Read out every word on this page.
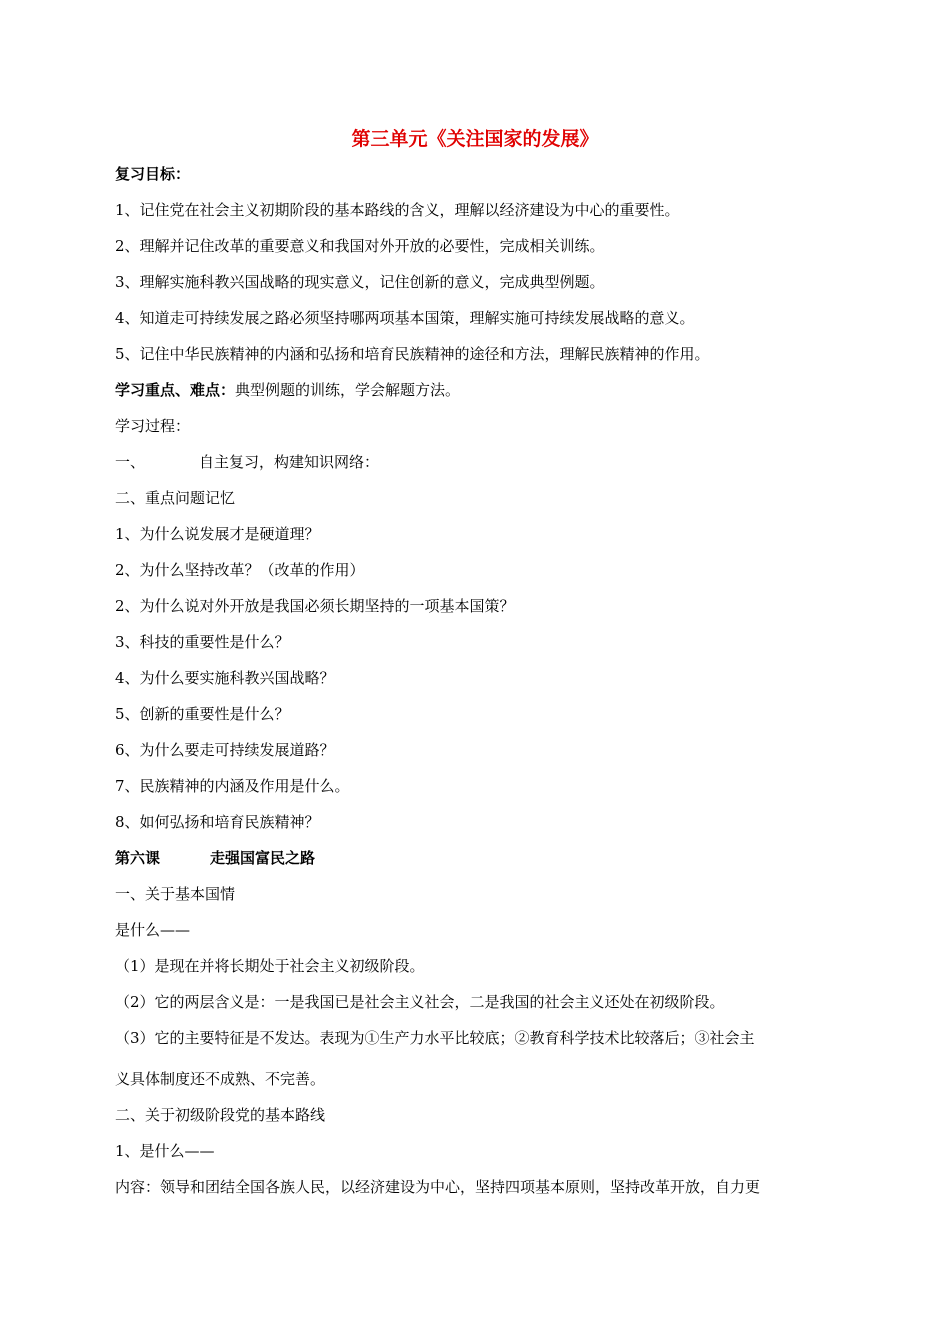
第三单元《关注国家的发展》
复习目标：
1、记住党在社会主义初期阶段的基本路线的含义，理解以经济建设为中心的重要性。
2、理解并记住改革的重要意义和我国对外开放的必要性，完成相关训练。
3、理解实施科教兴国战略的现实意义，记住创新的意义，完成典型例题。
4、知道走可持续发展之路必须坚持哪两项基本国策，理解实施可持续发展战略的意义。
5、记住中华民族精神的内涵和弘扬和培育民族精神的途径和方法，理解民族精神的作用。
学习重点、难点：典型例题的训练，学会解题方法。
学习过程：
一、	自主复习，构建知识网络：
二、重点问题记忆
1、为什么说发展才是硬道理？
2、为什么坚持改革？（改革的作用）
2、为什么说对外开放是我国必须长期坚持的一项基本国策？
3、科技的重要性是什么？
4、为什么要实施科教兴国战略？
5、创新的重要性是什么？
6、为什么要走可持续发展道路？
7、民族精神的内涵及作用是什么。
8、如何弘扬和培育民族精神？
第六课	走强国富民之路
一、关于基本国情
是什么——
（1）是现在并将长期处于社会主义初级阶段。
（2）它的两层含义是：一是我国已是社会主义社会，二是我国的社会主义还处在初级阶段。
（3）它的主要特征是不发达。表现为①生产力水平比较底；②教育科学技术比较落后；③社会主
义具体制度还不成熟、不完善。
二、关于初级阶段党的基本路线
1、是什么——
内容：领导和团结全国各族人民，以经济建设为中心，坚持四项基本原则，坚持改革开放，自力更
